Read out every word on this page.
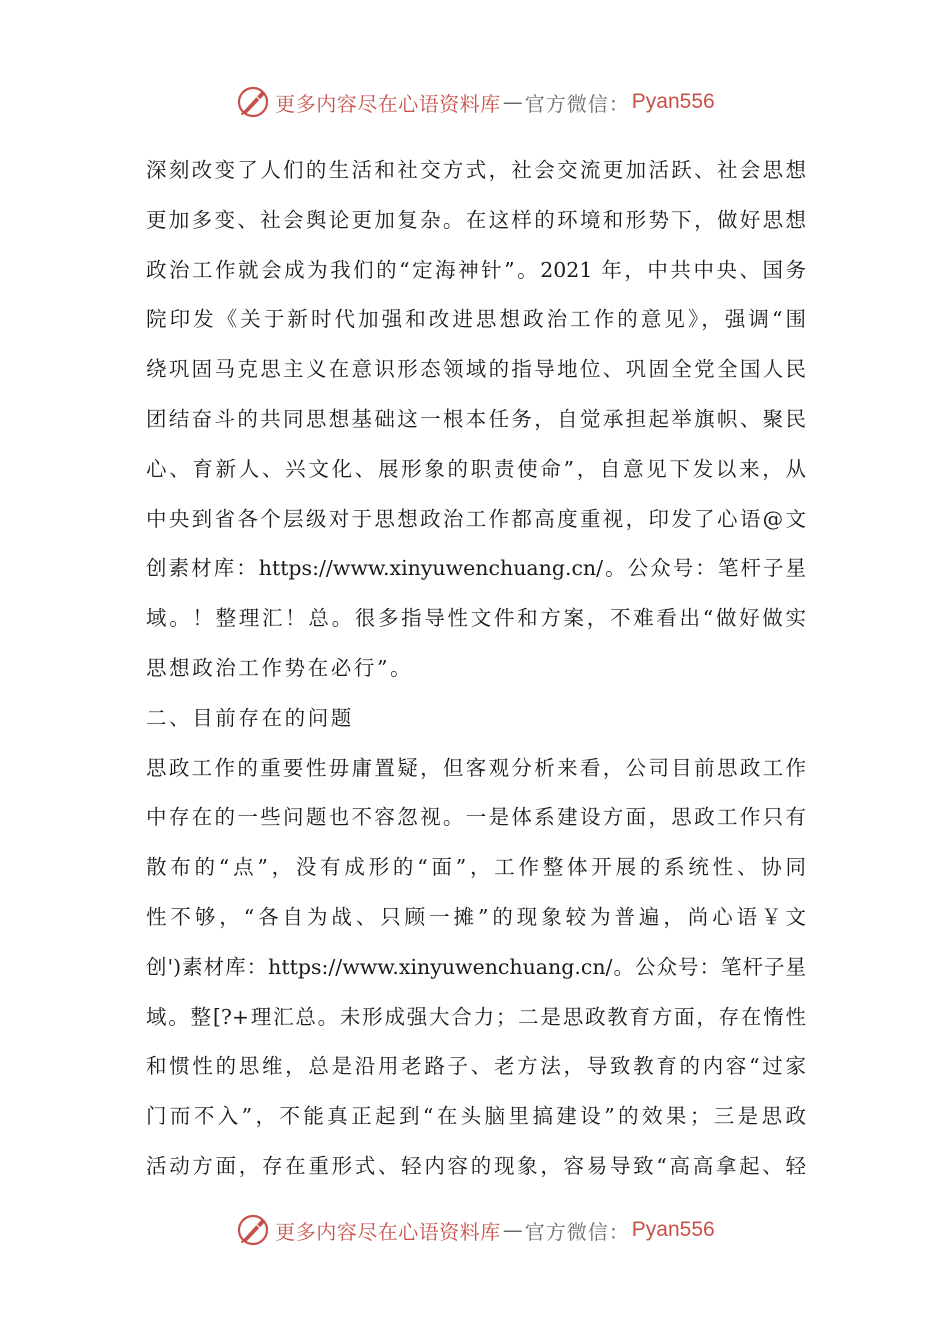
更多内容尽在心语资料库 — 官方微信： Pyan556
深刻改变了人们的生活和社交方式，社会交流更加活跃、社会思想
更加多变、社会舆论更加复杂。在这样的环境和形势下，做好思想
政治工作就会成为我们的“定海神针”。2021 年，中共中央、国务
院印发《关于新时代加强和改进思想政治工作的意见》，强调“围
绕巩固马克思主义在意识形态领域的指导地位、巩固全党全国人民
团结奋斗的共同思想基础这一根本任务，自觉承担起举旗帜、聚民
心、育新人、兴文化、展形象的职责使命”，自意见下发以来，从
中央到省各个层级对于思想政治工作都高度重视，印发了心语@文
创素材库：https://www.xinyuwenchuang.cn/。公众号：笔杆子星
域。！整理汇！总。很多指导性文件和方案，不难看出“做好做实
思想政治工作势在必行”。
二、目前存在的问题
思政工作的重要性毋庸置疑，但客观分析来看，公司目前思政工作
中存在的一些问题也不容忽视。一是体系建设方面，思政工作只有
散布的“点”，没有成形的“面”，工作整体开展的系统性、协同
性不够，“各自为战、只顾一摊”的现象较为普遍，尚心语￥文
创')素材库：https://www.xinyuwenchuang.cn/。公众号：笔杆子星
域。整[?+理汇总。未形成强大合力；二是思政教育方面，存在惰性
和惯性的思维，总是沿用老路子、老方法，导致教育的内容“过家
门而不入”，不能真正起到“在头脑里搞建设”的效果；三是思政
活动方面，存在重形式、轻内容的现象，容易导致“高高拿起、轻
更多内容尽在心语资料库 — 官方微信： Pyan556
